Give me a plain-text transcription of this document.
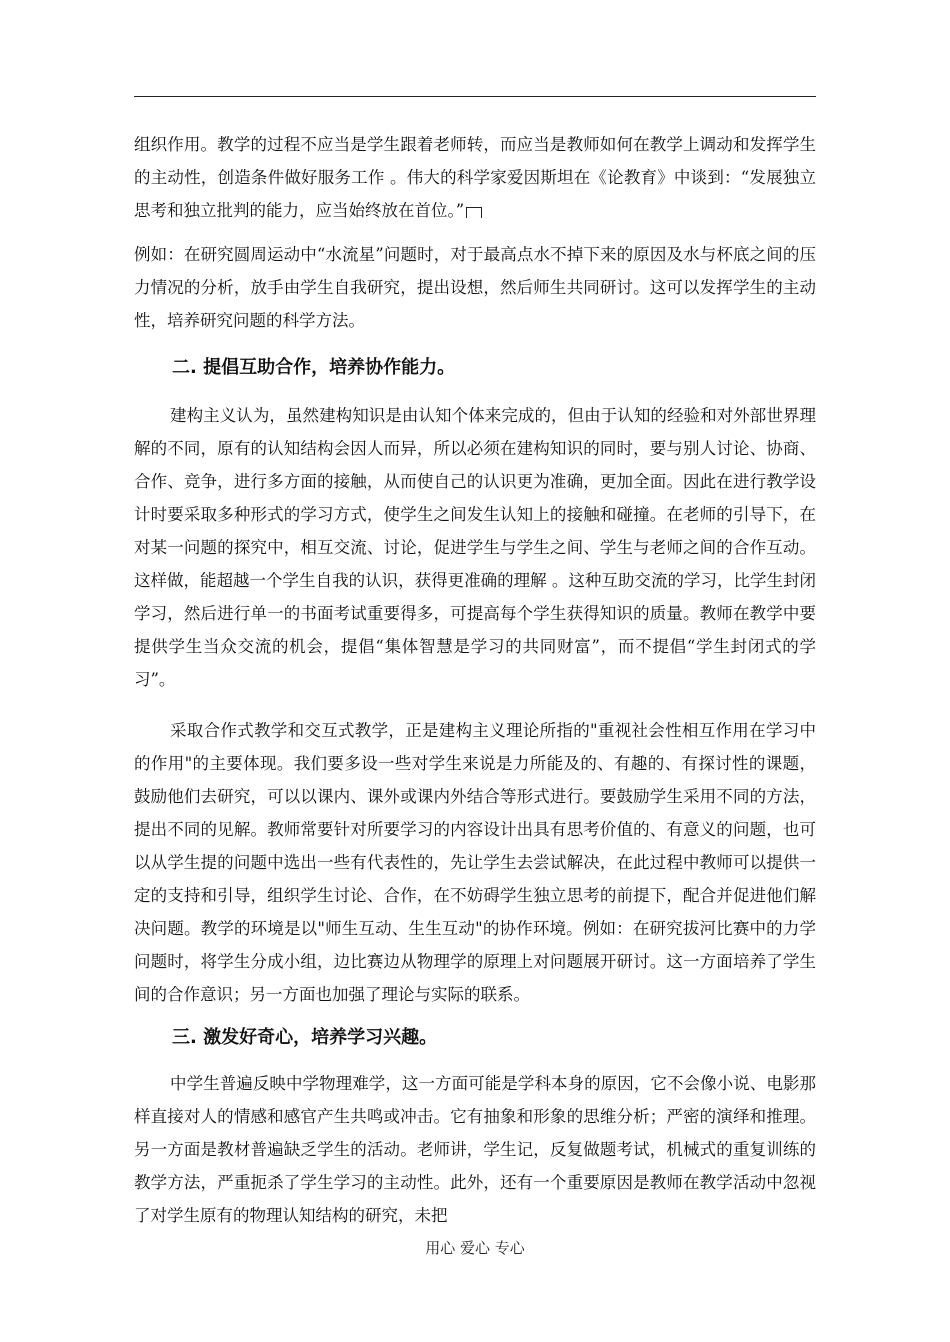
组织作用。教学的过程不应当是学生跟着老师转，而应当是教师如何在教学上调动和发挥学生的主动性，创造条件做好服务工作 。伟大的科学家爱因斯坦在《论教育》中谈到：“发展独立思考和独立批判的能力，应当始终放在首位。”

例如：在研究圆周运动中“水流星”问题时，对于最高点水不掉下来的原因及水与杯底之间的压力情况的分析，放手由学生自我研究，提出设想，然后师生共同研讨。这可以发挥学生的主动性，培养研究问题的科学方法。

二. 提倡互助合作，培养协作能力。

建构主义认为，虽然建构知识是由认知个体来完成的，但由于认知的经验和对外部世界理解的不同，原有的认知结构会因人而异，所以必须在建构知识的同时，要与别人讨论、协商、合作、竞争，进行多方面的接触，从而使自己的认识更为准确，更加全面。因此在进行教学设计时要采取多种形式的学习方式，使学生之间发生认知上的接触和碰撞。在老师的引导下，在对某一问题的探究中，相互交流、讨论，促进学生与学生之间、学生与老师之间的合作互动。这样做，能超越一个学生自我的认识，获得更准确的理解 。这种互助交流的学习，比学生封闭学习，然后进行单一的书面考试重要得多，可提高每个学生获得知识的质量。教师在教学中要提供学生当众交流的机会，提倡“集体智慧是学习的共同财富”，而不提倡“学生封闭式的学习”。

采取合作式教学和交互式教学，正是建构主义理论所指的"重视社会性相互作用在学习中的作用"的主要体现。我们要多设一些对学生来说是力所能及的、有趣的、有探讨性的课题，鼓励他们去研究，可以以课内、课外或课内外结合等形式进行。要鼓励学生采用不同的方法，提出不同的见解。教师常要针对所要学习的内容设计出具有思考价值的、有意义的问题，也可以从学生提的问题中选出一些有代表性的，先让学生去尝试解决，在此过程中教师可以提供一定的支持和引导，组织学生讨论、合作，在不妨碍学生独立思考的前提下，配合并促进他们解决问题。教学的环境是以"师生互动、生生互动"的协作环境。例如：在研究拔河比赛中的力学问题时，将学生分成小组，边比赛边从物理学的原理上对问题展开研讨。这一方面培养了学生间的合作意识；另一方面也加强了理论与实际的联系。

三. 激发好奇心，培养学习兴趣。

中学生普遍反映中学物理难学，这一方面可能是学科本身的原因，它不会像小说、电影那样直接对人的情感和感官产生共鸣或冲击。它有抽象和形象的思维分析；严密的演绎和推理。另一方面是教材普遍缺乏学生的活动。老师讲，学生记，反复做题考试，机械式的重复训练的教学方法，严重扼杀了学生学习的主动性。此外，还有一个重要原因是教师在教学活动中忽视了对学生原有的物理认知结构的研究，未把

用心 爱心 专心
